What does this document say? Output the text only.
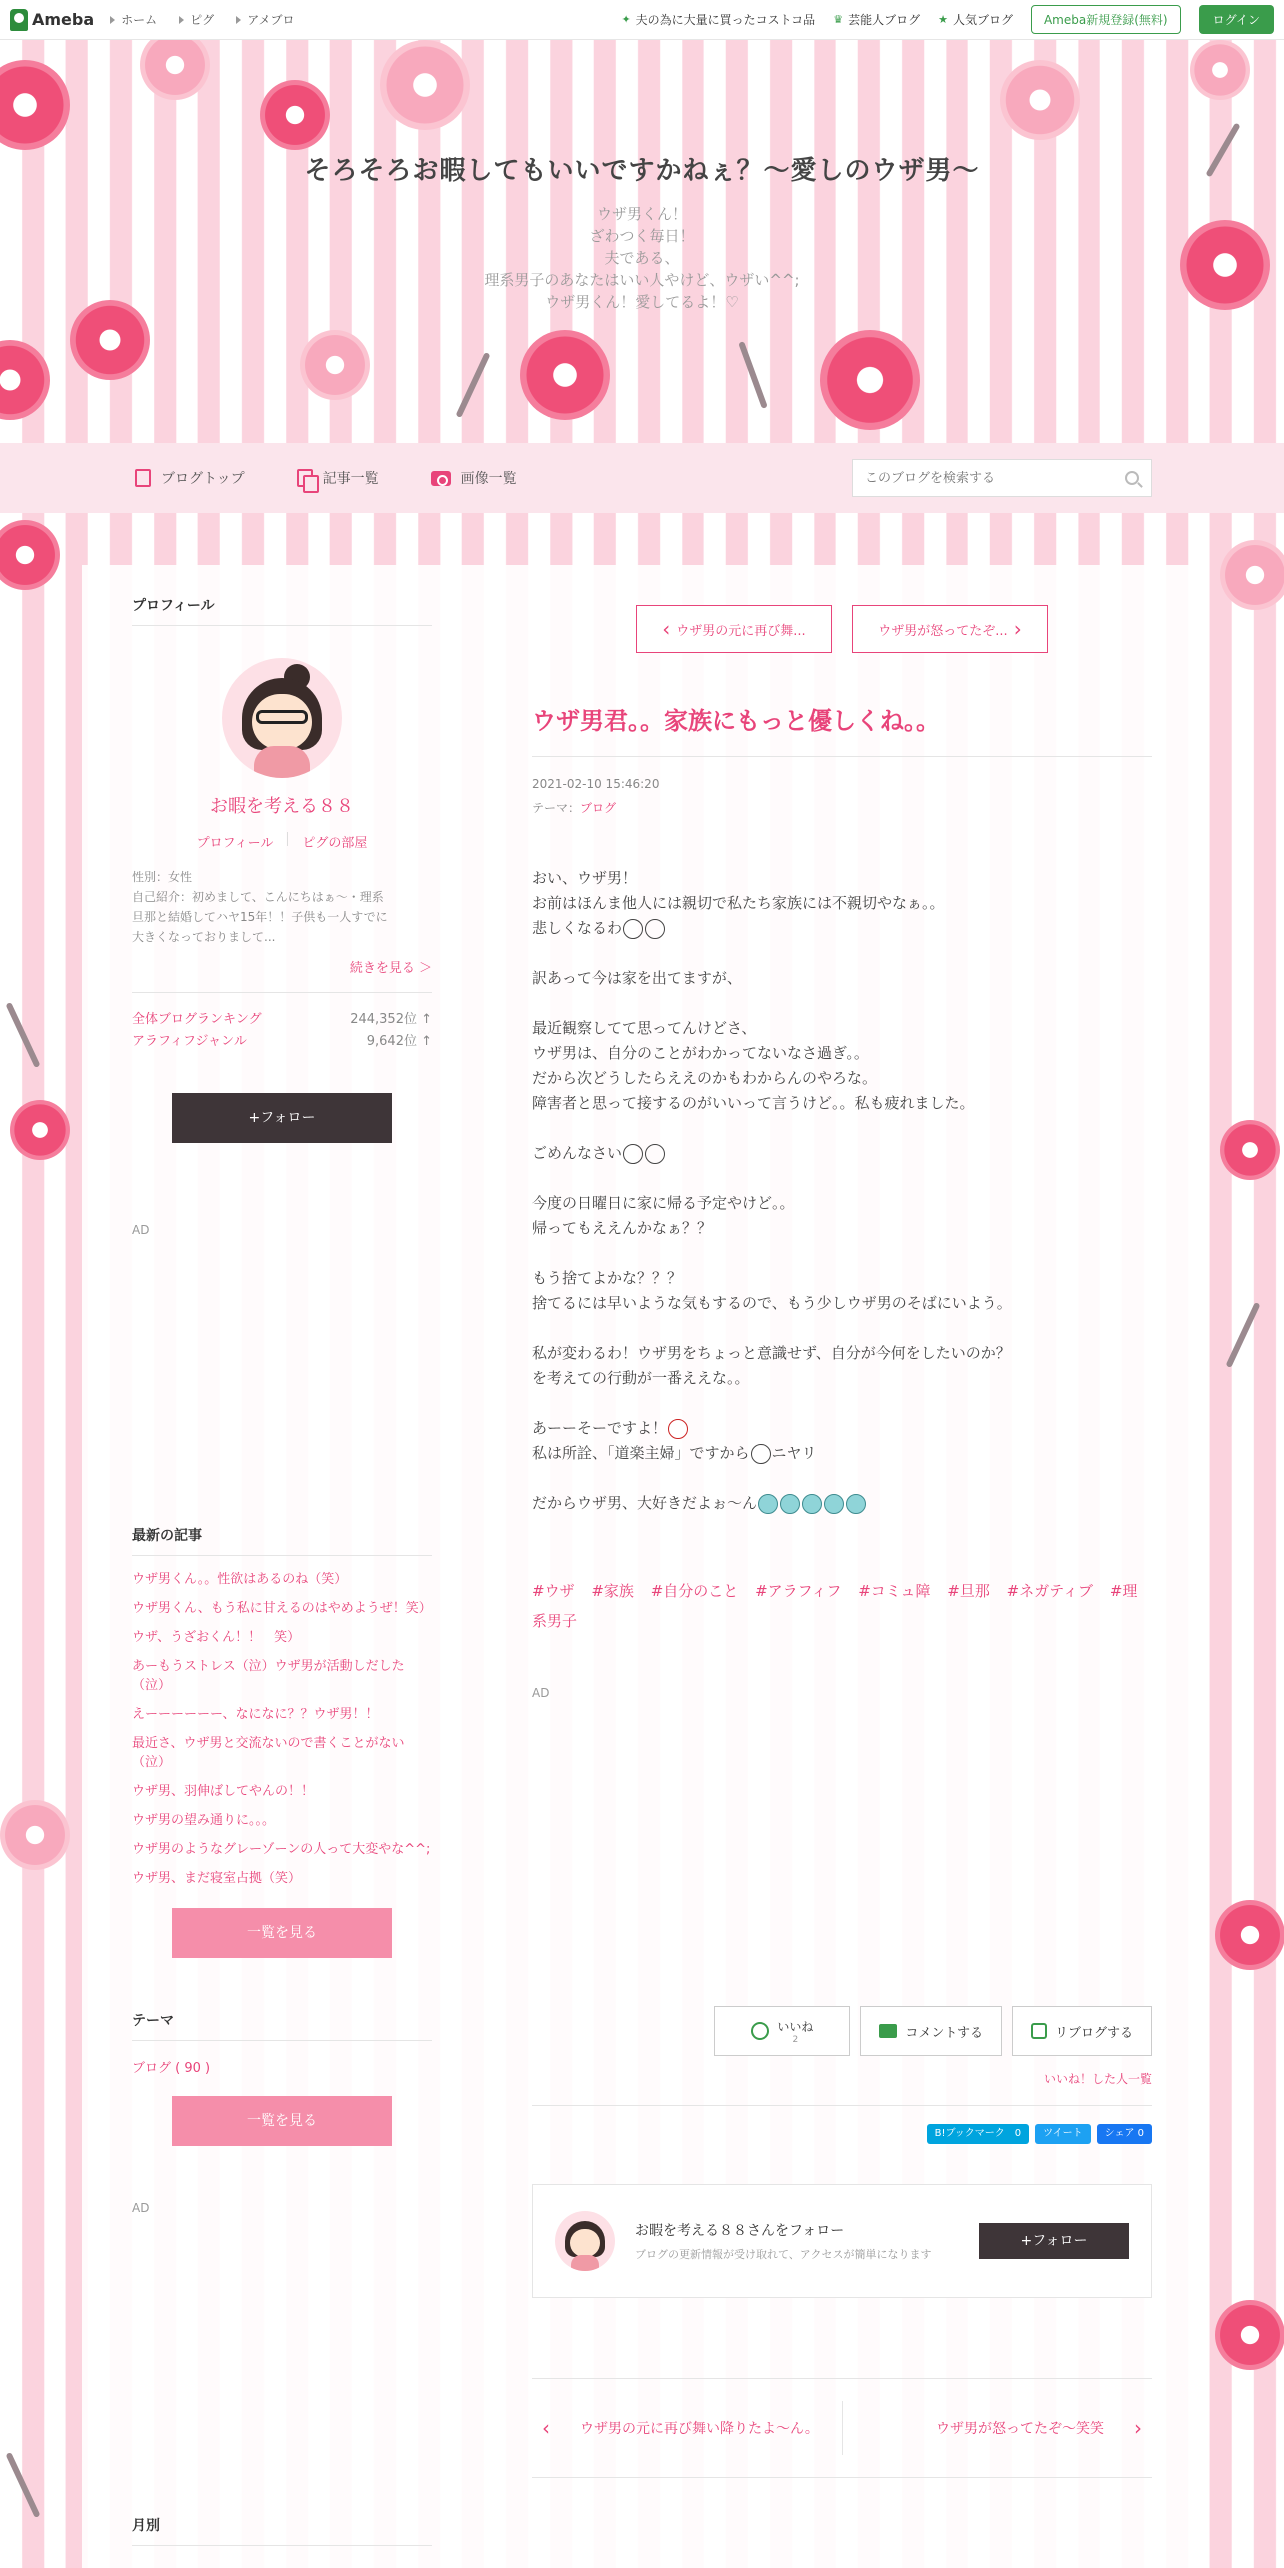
Ameba ホーム	ピグ	アメブロ	✦ 夫の為に大量に買ったコストコ品 ♛ 芸能人ブログ ★ 人気ブログ	Ameba新規登録(無料)	ログイン
そろそろお暇してもいいですかねぇ？〜愛しのウザ男〜
ウザ男くん！
ざわつく毎日！
夫である、
理系男子のあなたはいい人やけど、ウザい^^;
ウザ男くん！愛してるよ！♡
ブログトップ	記事一覧	画像一覧
このブログを検索する
プロフィール
お暇を考える８８
プロフィール ピグの部屋
性別：女性
自己紹介：初めまして、こんにちはぁ〜・理系
旦那と結婚してハヤ15年！！子供も一人すでに
大きくなっておりまして...
続きを見る ＞
全体ブログランキング	244,352位 ↑
アラフィフジャンル	9,642位 ↑
+フォロー
AD
最新の記事
ウザ男くん。。性欲はあるのね（笑）
ウザ男くん、もう私に甘えるのはやめようぜ！笑）
ウザ、うざおくん！！　笑）
あーもうストレス（泣）ウザ男が活動しだした（泣）
えーーーーーー、なになに？？ウザ男！！
最近さ、ウザ男と交流ないので書くことがない（泣）
ウザ男、羽伸ばしてやんの！！
ウザ男の望み通りに。。。
ウザ男のようなグレーゾーンの人って大変やな^^;
ウザ男、まだ寝室占拠（笑）
一覧を見る
テーマ
ブログ ( 90 )
一覧を見る
AD
月別
‹ ウザ男の元に再び舞...	ウザ男が怒ってたぞ... ›
ウザ男君。。家族にもっと優しくね。。
2021-02-10 15:46:20
テーマ：ブログ

おい、ウザ男！

お前はほんま他人には親切で私たち家族には不親切やなぁ。。

悲しくなるわ

訳あって今は家を出てますが、

最近観察してて思ってんけどさ、

ウザ男は、自分のことがわかってないなさ過ぎ。。

だから次どうしたらええのかもわからんのやろな。

障害者と思って接するのがいいって言うけど。。私も疲れました。

ごめんなさい

今度の日曜日に家に帰る予定やけど。。

帰ってもええんかなぁ？？

もう捨てよかな？？？

捨てるには早いような気もするので、もう少しウザ男のそばにいよう。

私が変わるわ！ウザ男をちょっと意識せず、自分が今何をしたいのか？

を考えての行動が一番ええな。。

あーーそーですよ！

私は所詮、「道楽主婦」ですから ニヤリ

だからウザ男、大好きだよぉ〜ん

#ウザ #家族 #自分のこと #アラフィフ #コミュ障 #旦那 #ネガティブ #理系男子
AD
いいね
2	コメントする	リブログする
いいね！した人一覧
B!ブックマーク　0	ツイート	シェア 0
お暇を考える８８さんをフォロー
ブログの更新情報が受け取れて、アクセスが簡単になります
+フォロー
‹ ウザ男の元に再び舞い降りたよ〜ん。	ウザ男が怒ってたぞ〜笑笑 ›
